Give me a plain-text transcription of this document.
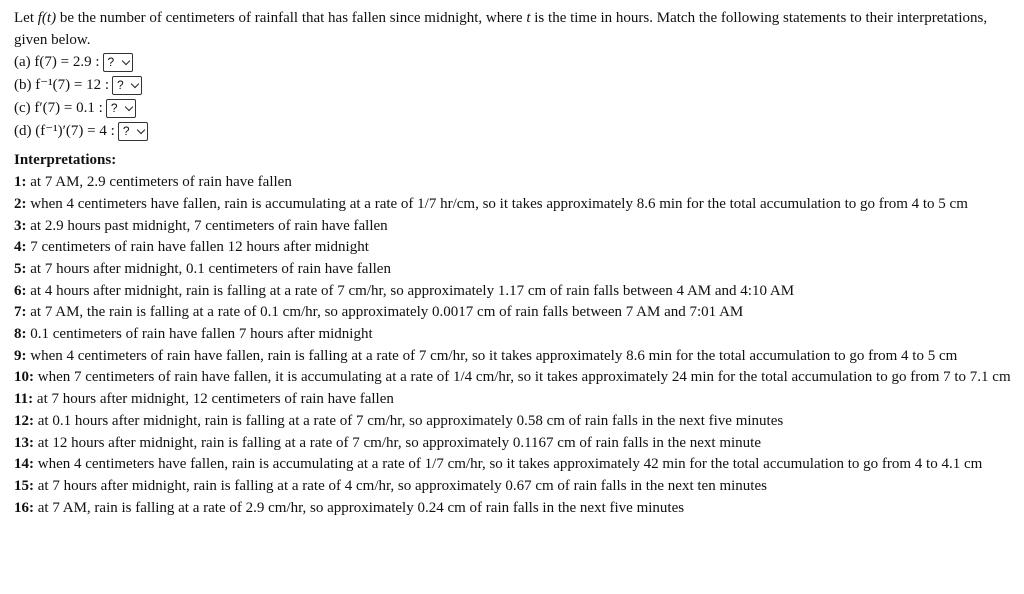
Let f(t) be the number of centimeters of rainfall that has fallen since midnight, where t is the time in hours. Match the following statements to their interpretations, given below.

(a) f(7) = 2.9 : ?
(b) f⁻¹(7) = 12 : ?
(c) f′(7) = 0.1 : ?
(d) (f⁻¹)′(7) = 4 : ?
Interpretations:

1: at 7 AM, 2.9 centimeters of rain have fallen

2: when 4 centimeters have fallen, rain is accumulating at a rate of 1/7 hr/cm, so it takes approximately 8.6 min for the total accumulation to go from 4 to 5 cm

3: at 2.9 hours past midnight, 7 centimeters of rain have fallen

4: 7 centimeters of rain have fallen 12 hours after midnight

5: at 7 hours after midnight, 0.1 centimeters of rain have fallen

6: at 4 hours after midnight, rain is falling at a rate of 7 cm/hr, so approximately 1.17 cm of rain falls between 4 AM and 4:10 AM

7: at 7 AM, the rain is falling at a rate of 0.1 cm/hr, so approximately 0.0017 cm of rain falls between 7 AM and 7:01 AM

8: 0.1 centimeters of rain have fallen 7 hours after midnight

9: when 4 centimeters of rain have fallen, rain is falling at a rate of 7 cm/hr, so it takes approximately 8.6 min for the total accumulation to go from 4 to 5 cm

10: when 7 centimeters of rain have fallen, it is accumulating at a rate of 1/4 cm/hr, so it takes approximately 24 min for the total accumulation to go from 7 to 7.1 cm

11: at 7 hours after midnight, 12 centimeters of rain have fallen

12: at 0.1 hours after midnight, rain is falling at a rate of 7 cm/hr, so approximately 0.58 cm of rain falls in the next five minutes

13: at 12 hours after midnight, rain is falling at a rate of 7 cm/hr, so approximately 0.1167 cm of rain falls in the next minute

14: when 4 centimeters have fallen, rain is accumulating at a rate of 1/7 cm/hr, so it takes approximately 42 min for the total accumulation to go from 4 to 4.1 cm

15: at 7 hours after midnight, rain is falling at a rate of 4 cm/hr, so approximately 0.67 cm of rain falls in the next ten minutes

16: at 7 AM, rain is falling at a rate of 2.9 cm/hr, so approximately 0.24 cm of rain falls in the next five minutes
